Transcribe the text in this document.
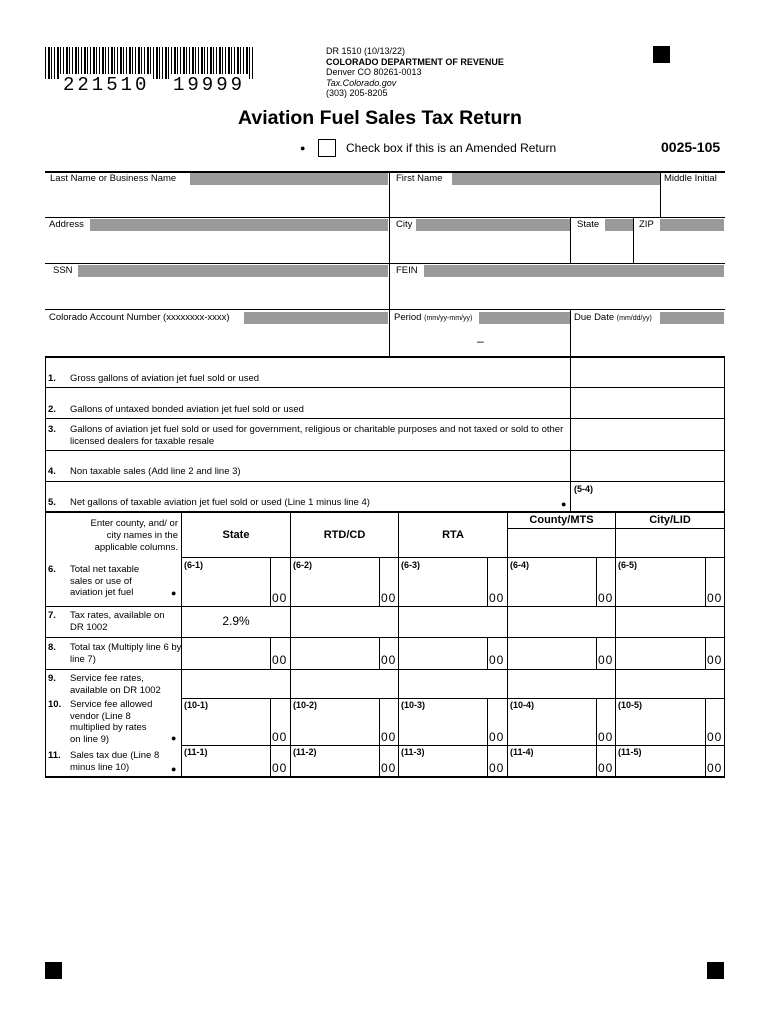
221510 19999
DR 1510 (10/13/22)
COLORADO DEPARTMENT OF REVENUE
Denver CO 80261-0013
Tax.Colorado.gov
(303) 205-8205
Aviation Fuel Sales Tax Return
●	Check box if this is an Amended Return	0025-105
Last Name or Business Name	First Name	Middle Initial
Address	City	State	ZIP
SSN	FEIN
Colorado Account Number (xxxxxxxx-xxxx)	Period (mm/yy-mm/yy)	Due Date (mm/dd/yy)
–
1. Gross gallons of aviation jet fuel sold or used
2. Gallons of untaxed bonded aviation jet fuel sold or used
3. Gallons of aviation jet fuel sold or used for government, religious or charitable purposes and not taxed or sold to other licensed dealers for taxable resale
4. Non taxable sales (Add line 2 and line 3)
5. Net gallons of taxable aviation jet fuel sold or used (Line 1 minus line 4)	●
(5-4)
Enter county, and/ or city names in the applicable columns.
State	RTD/CD	RTA
County/MTS	City/LID
6. Total net taxable sales or use of aviation jet fuel	●
(6-1)	(6-2)	(6-3)	(6-4)	(6-5)
00	00	00	00	00
7. Tax rates, available on DR 1002	2.9%
8. Total tax (Multiply line 6 by line 7)	00	00	00	00	00
9. Service fee rates, available on DR 1002
10. Service fee allowed vendor (Line 8 multiplied by rates on line 9)	●
(10-1)	(10-2)	(10-3)	(10-4)	(10-5)
00	00	00	00	00
11. Sales tax due (Line 8 minus line 10)	●
(11-1)	(11-2)	(11-3)	(11-4)	(11-5)
00	00	00	00	00
